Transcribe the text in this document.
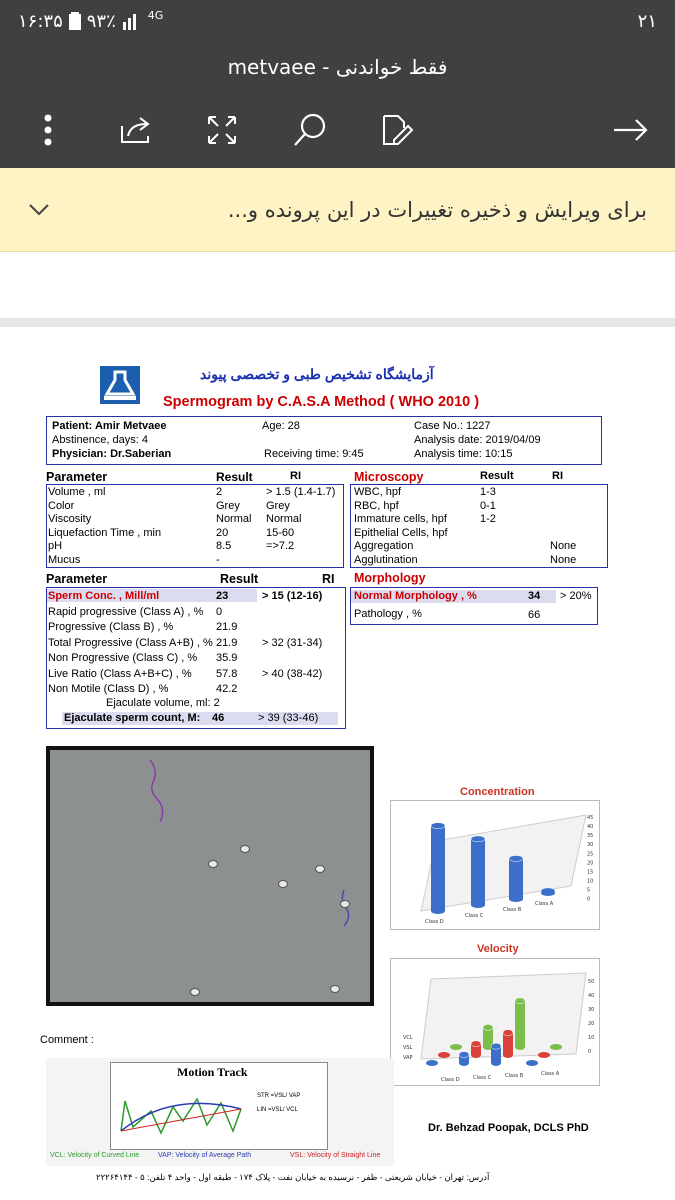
۱۶:۳۵ ۹۳٪	4G	۲۱
metvaee - فقط خواندنی
برای ویرایش و ذخیره تغییرات در این پرونده و...
آزمایشگاه تشخیص طبی و تخصصی پیوند
Spermogram by C.A.S.A Method ( WHO 2010 )
Patient: Amir Metvaee	Age: 28	Case No.: 1227
Abstinence, days: 4	Analysis date: 2019/04/09
Physician: Dr.Saberian	Receiving time: 9:45	Analysis time: 10:15
Parameter	Result	RI	Microscopy	Result	RI
Volume , ml	2	> 1.5 (1.4-1.7)
Color	Grey Grey
Viscosity	Normal Normal
Liquefaction Time , min	20	15-60
pH	8.5	=>7.2
Mucus	-
WBC, hpf	1-3
RBC, hpf	0-1
Immature cells, hpf	1-2
Epithelial Cells, hpf
Aggregation	None
Agglutination	None
Parameter	Result	RI Morphology
Sperm Conc. , Mill/ml	23	> 15 (12-16)
Rapid progressive (Class A) , % 0
Progressive (Class B) , %	21.9
Total Progressive (Class A+B) , % 21.9 > 32 (31-34)
Non Progressive (Class C) , % 35.9
Live Ratio (Class A+B+C) , % 57.8 > 40 (38-42)
Non Motile (Class D) , %	42.2
Ejaculate volume, ml: 2
Ejaculate sperm count, M: 46	> 39 (33-46)
Normal Morphology , %	34 > 20%
Pathology , %	66
Concentration
45
40
35
30
25
20
15
10
5
0
Class D
Class C
Class B
Class A
Velocity
50
40
30
20
10
0
VCL
VSL
VAP
Class D	Class C	Class B	Class A
Comment :
Motion Track
STR =VSL/ VAP
LIN =VSL/ VCL
Dr. Behzad Poopak, DCLS PhD
VCL: Velocity of Curved Line	VAP: Velocity of Average Path	VSL: Velocity of Straight Line
آدرس: تهران - خیابان شریعتی - ظفر - نرسیده به خیابان نفت - پلاک ۱۷۴ - طبقه اول - واحد ۴ تلفن: ۵ - ۲۲۲۶۴۱۴۴
